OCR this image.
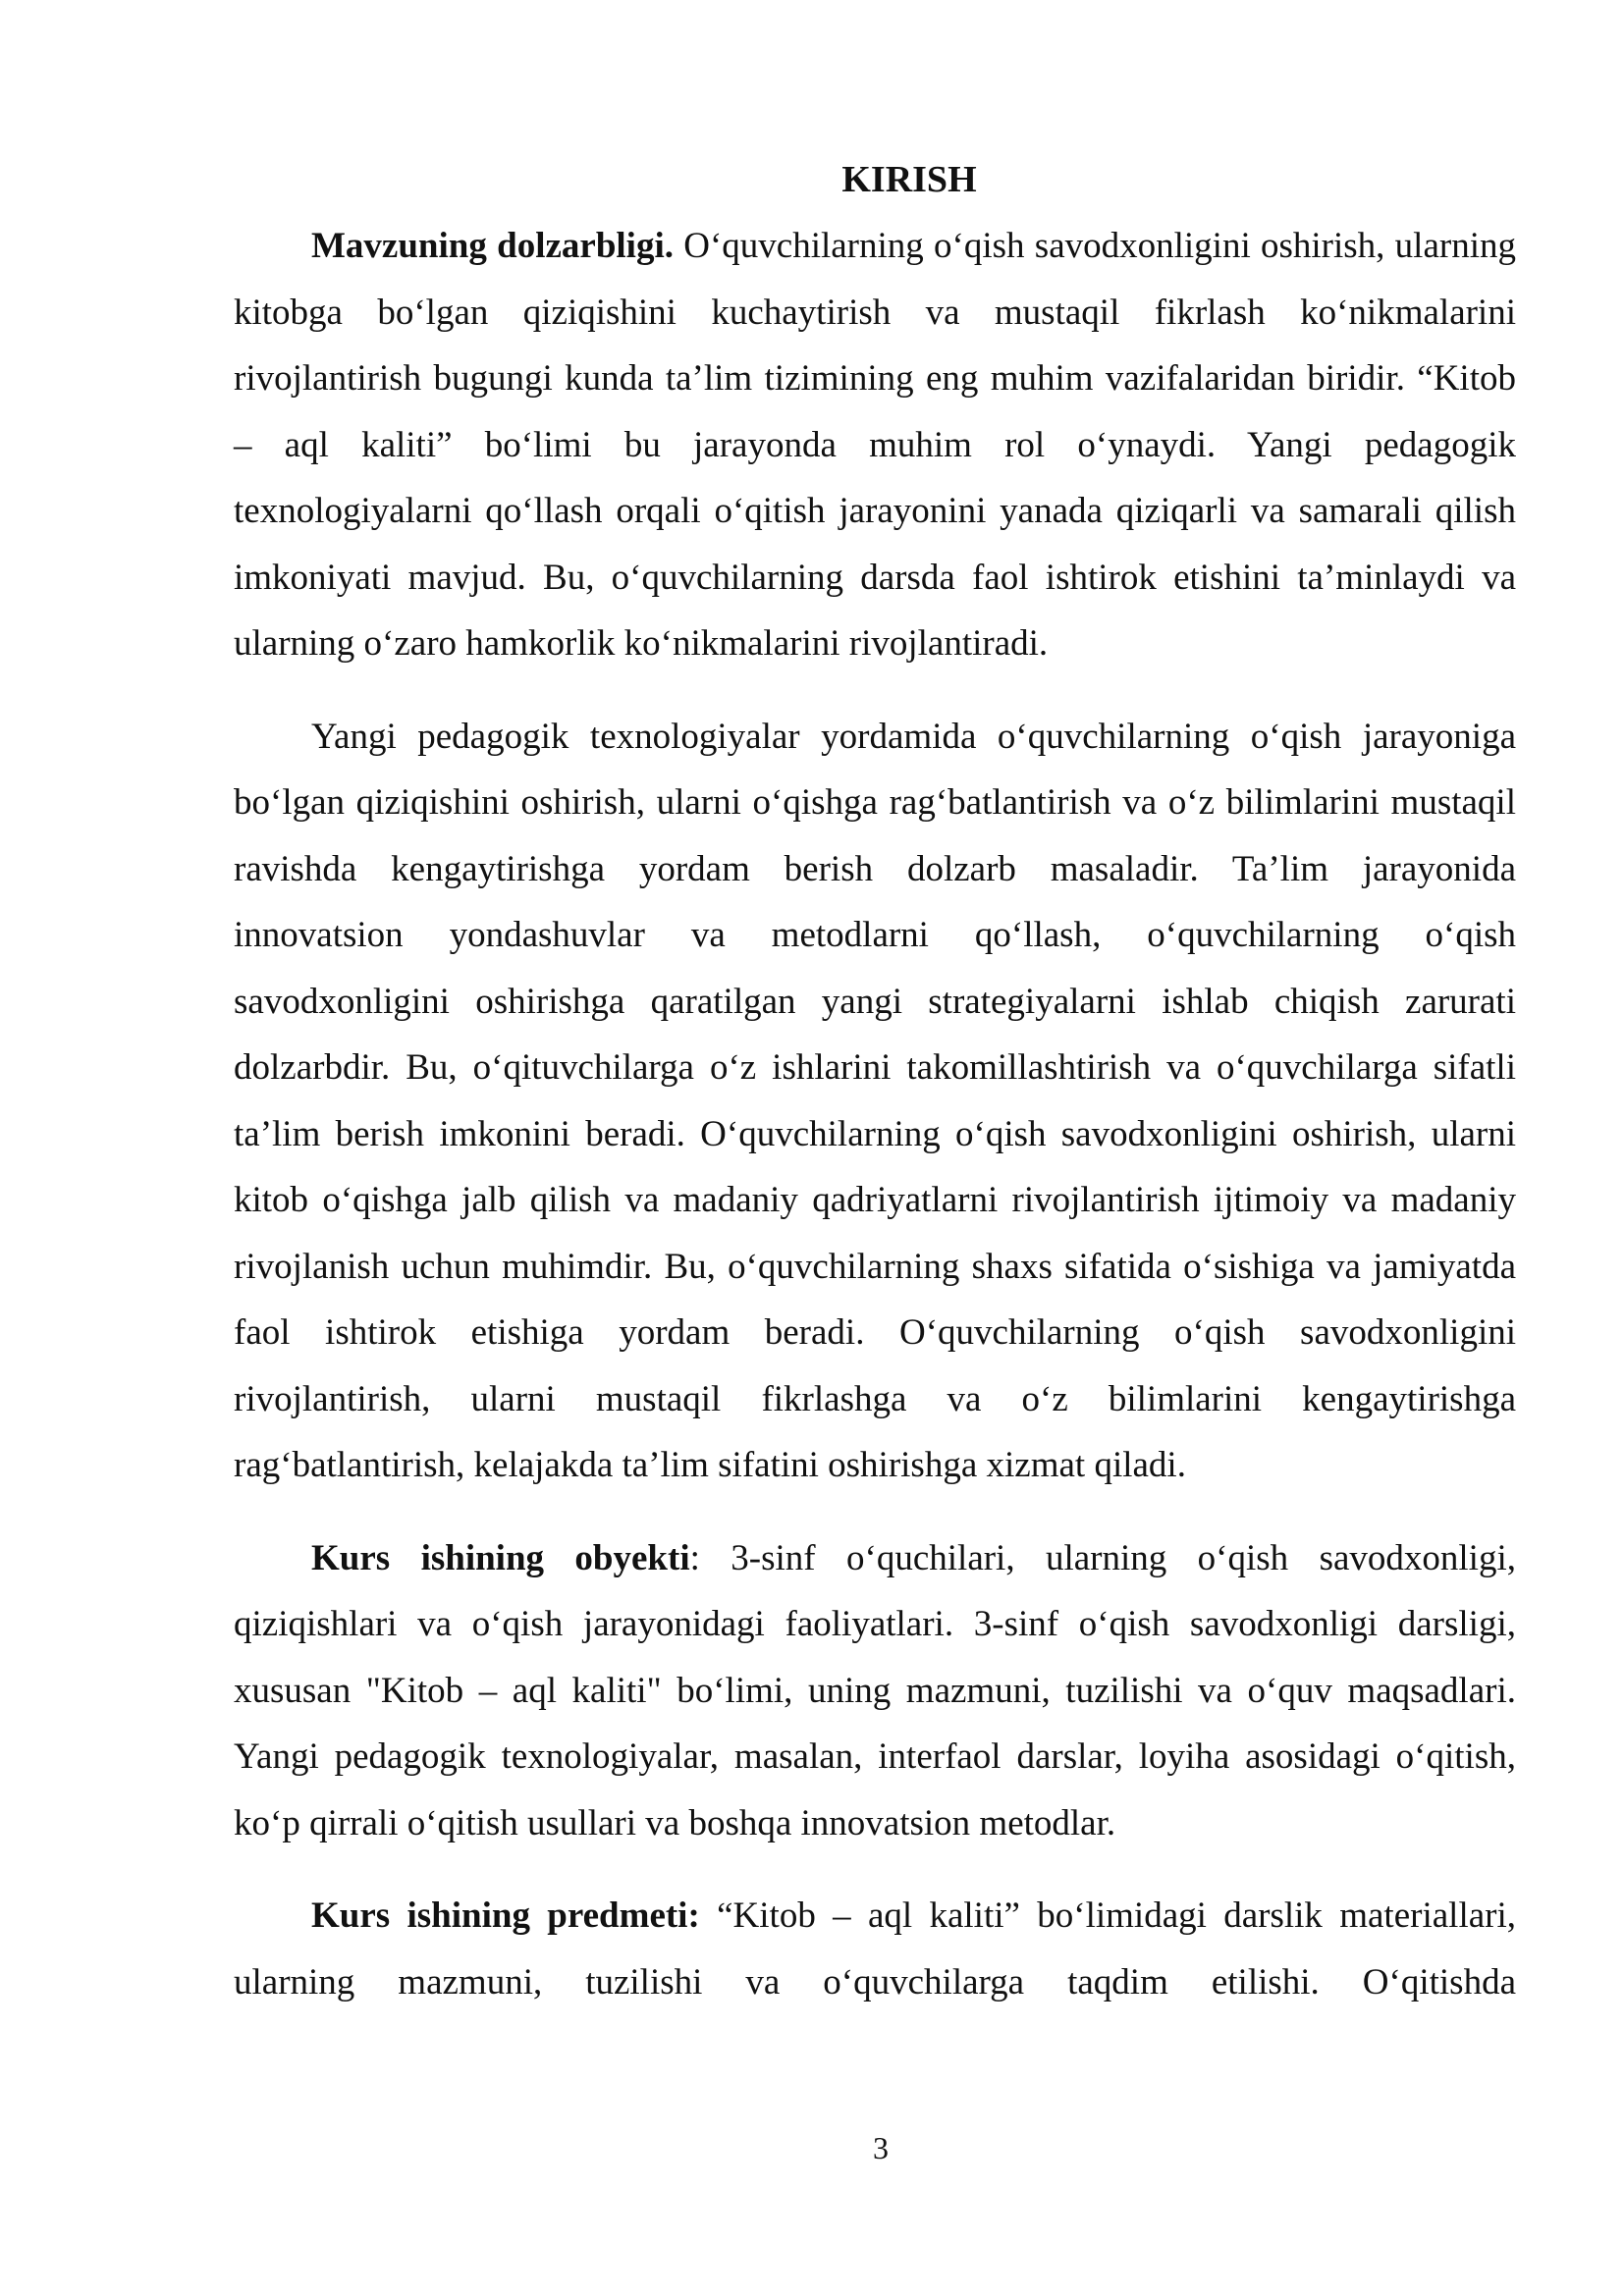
KIRISH

Mavzuning dolzarbligi. O‘quvchilarning o‘qish savodxonligini oshirish, ularning kitobga bo‘lgan qiziqishini kuchaytirish va mustaqil fikrlash ko‘nikmalarini rivojlantirish bugungi kunda ta’lim tizimining eng muhim vazifalaridan biridir. “Kitob – aql kaliti” bo‘limi bu jarayonda muhim rol o‘ynaydi. Yangi pedagogik texnologiyalarni qo‘llash orqali o‘qitish jarayonini yanada qiziqarli va samarali qilish imkoniyati mavjud. Bu, o‘quvchilarning darsda faol ishtirok etishini ta’minlaydi va ularning o‘zaro hamkorlik ko‘nikmalarini rivojlantiradi.

Yangi pedagogik texnologiyalar yordamida o‘quvchilarning o‘qish jarayoniga bo‘lgan qiziqishini oshirish, ularni o‘qishga rag‘batlantirish va o‘z bilimlarini mustaqil ravishda kengaytirishga yordam berish dolzarb masaladir. Ta’lim jarayonida innovatsion yondashuvlar va metodlarni qo‘llash, o‘quvchilarning o‘qish savodxonligini oshirishga qaratilgan yangi strategiyalarni ishlab chiqish zarurati dolzarbdir. Bu, o‘qituvchilarga o‘z ishlarini takomillashtirish va o‘quvchilarga sifatli ta’lim berish imkonini beradi. O‘quvchilarning o‘qish savodxonligini oshirish, ularni kitob o‘qishga jalb qilish va madaniy qadriyatlarni rivojlantirish ijtimoiy va madaniy rivojlanish uchun muhimdir. Bu, o‘quvchilarning shaxs sifatida o‘sishiga va jamiyatda faol ishtirok etishiga yordam beradi. O‘quvchilarning o‘qish savodxonligini rivojlantirish, ularni mustaqil fikrlashga va o‘z bilimlarini kengaytirishga rag‘batlantirish, kelajakda ta’lim sifatini oshirishga xizmat qiladi.

Kurs ishining obyekti: 3-sinf o‘quchilari, ularning o‘qish savodxonligi, qiziqishlari va o‘qish jarayonidagi faoliyatlari. 3-sinf o‘qish savodxonligi darsligi, xususan "Kitob – aql kaliti" bo‘limi, uning mazmuni, tuzilishi va o‘quv maqsadlari. Yangi pedagogik texnologiyalar, masalan, interfaol darslar, loyiha asosidagi o‘qitish, ko‘p qirrali o‘qitish usullari va boshqa innovatsion metodlar.

Kurs ishining predmeti: “Kitob – aql kaliti” bo‘limidagi darslik materiallari, ularning mazmuni, tuzilishi va o‘quvchilarga taqdim etilishi. O‘qitishda

3
